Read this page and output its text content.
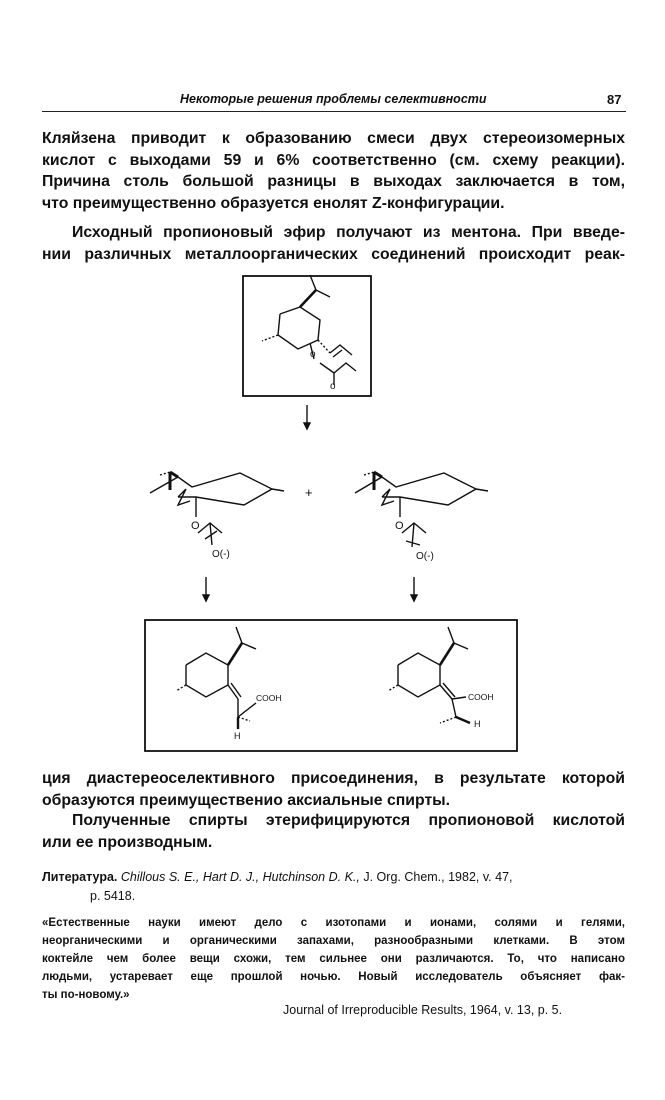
Некоторые решения проблемы селективности	87
Кляйзена приводит к образованию смеси двух стереоизомерных
кислот с выходами 59 и 6% соответственно (см. схему реакции).
Причина столь большой разницы в выходах заключается в том,
что преимущественно образуется енолят Z-конфигурации.
Исходный пропионовый эфир получают из ментона. При введе-
нии различных металлоорганических соединений происходит реак-
o
o
O
O(-)
+
O
O(-)
COOH
H
COOH
H
ция диастереоселективного присоединения, в результате которой
образуются преимущественио аксиальные спирты.
Полученные спирты этерифицируются пропионовой кислотой
или ее производным.
Литература. Chillous S. E., Hart D. J., Hutchinson D. K., J. Org. Chem., 1982, v. 47,
p. 5418.
«Естественные науки имеют дело с изотопами и ионами, солями и гелями,
неорганическими и органическими запахами, разнообразными клетками. В этом
коктейле чем более вещи схожи, тем сильнее они различаются. То, что написано
людьми, устаревает еще прошлой ночью. Новый исследователь объясняет фак-
ты по-новому.»
Journal of Irreproducible Results, 1964, v. 13, p. 5.
